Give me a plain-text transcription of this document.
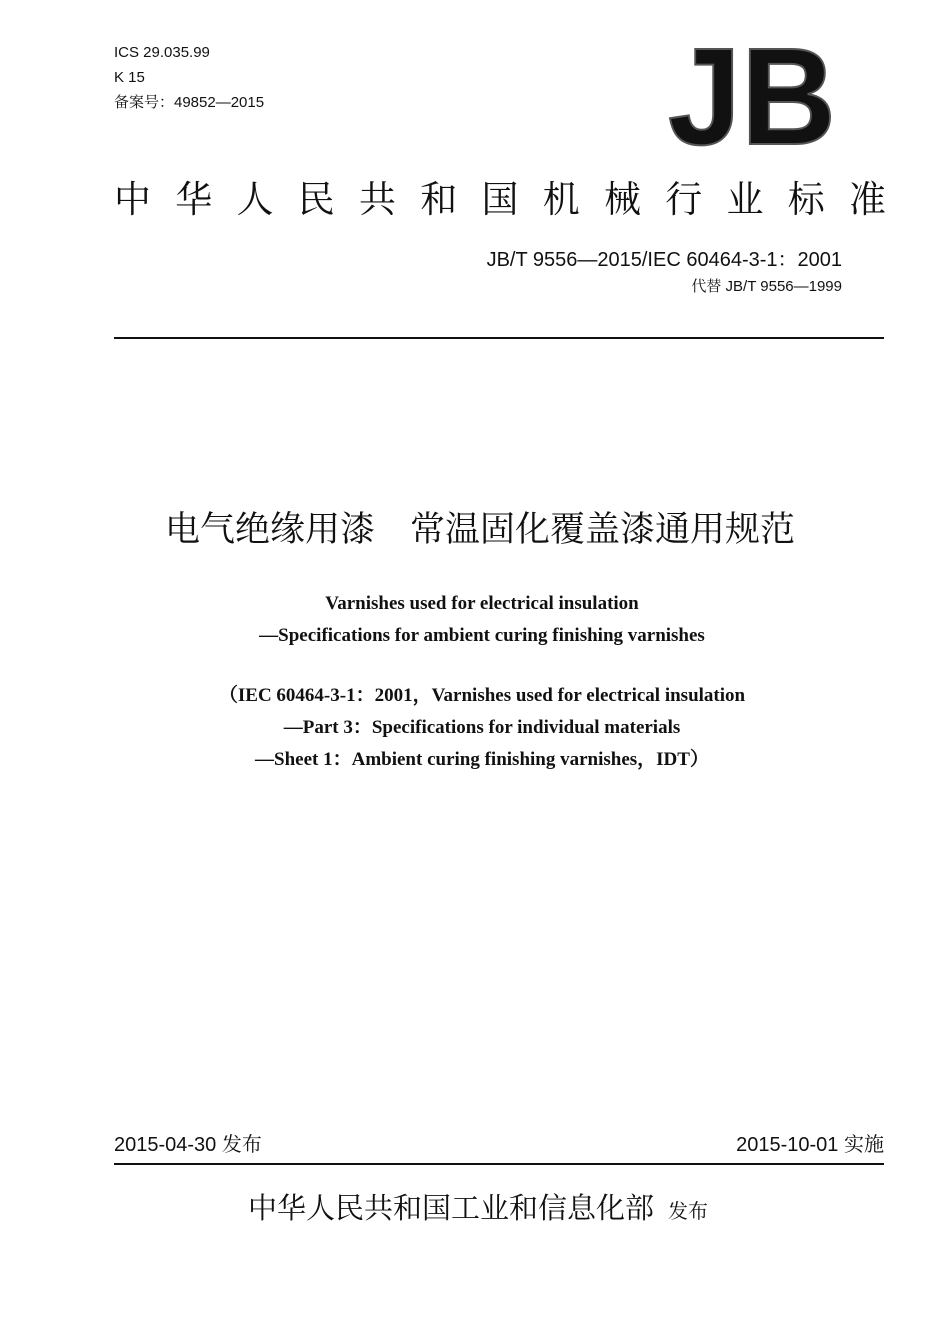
ICS 29.035.99
K 15
备案号：49852—2015	JB
中 华 人 民 共 和 国 机 械 行 业 标 准
JB/T 9556—2015/IEC 60464-3-1：2001
代替 JB/T 9556—1999
电气绝缘用漆　常温固化覆盖漆通用规范
Varnishes used for electrical insulation
—Specifications for ambient curing finishing varnishes
（IEC 60464-3-1：2001，Varnishes used for electrical insulation
—Part 3：Specifications for individual materials
—Sheet 1：Ambient curing finishing varnishes，IDT）
2015-04-30 发布	2015-10-01 实施
中华人民共和国工业和信息化部 发布
